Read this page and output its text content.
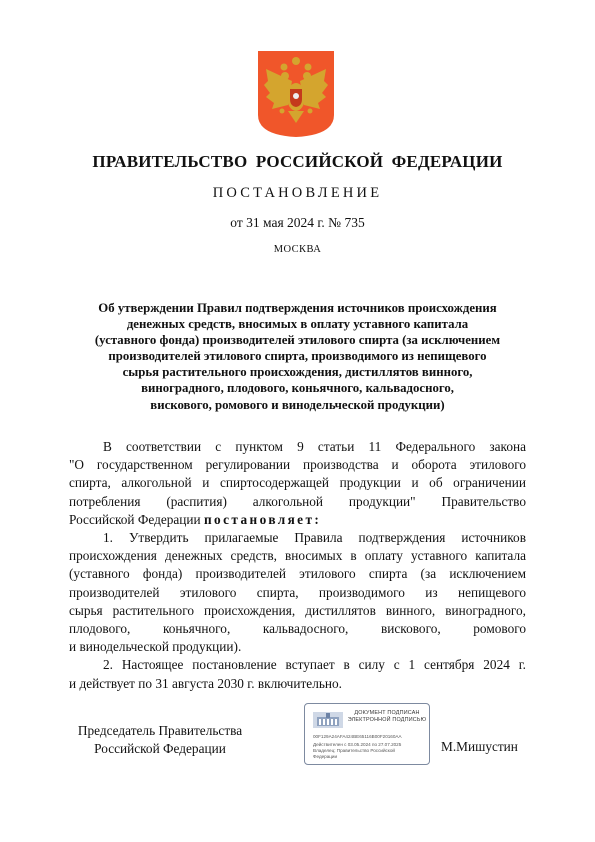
ПРАВИТЕЛЬСТВО РОССИЙСКОЙ ФЕДЕРАЦИИ
ПОСТАНОВЛЕНИЕ
от 31 мая 2024 г. № 735
МОСКВА
Об утверждении Правил подтверждения источников происхождения
денежных средств, вносимых в оплату уставного капитала
(уставного фонда) производителей этилового спирта (за исключением
производителей этилового спирта, производимого из непищевого
сырья растительного происхождения, дистиллятов винного,
виноградного, плодового, коньячного, кальвадосного,
вискового, ромового и винодельческой продукции)
В соответствии с пунктом 9 статьи 11 Федерального закона
"О государственном регулировании производства и оборота этилового
спирта, алкогольной и спиртосодержащей продукции и об ограничении
потребления (распития) алкогольной продукции" Правительство
Российской Федерации постановляет:
1. Утвердить прилагаемые Правила подтверждения источников
происхождения денежных средств, вносимых в оплату уставного капитала
(уставного фонда) производителей этилового спирта (за исключением
производителей этилового спирта, производимого из непищевого
сырья растительного происхождения, дистиллятов винного, виноградного,
плодового, коньячного, кальвадосного, вискового, ромового
и винодельческой продукции).
2. Настоящее постановление вступает в силу с 1 сентября 2024 г.
и действует по 31 августа 2030 г. включительно.
Председатель Правительства
Российской Федерации
ДОКУМЕНТ ПОДПИСАН
ЭЛЕКТРОННОЙ ПОДПИСЬЮ
00F129A24AFA424BE65116B00F20160AA
Действителен с 03.05.2024 по 27.07.2025
Владелец: Правительство Российской
Федерации
М.Мишустин
